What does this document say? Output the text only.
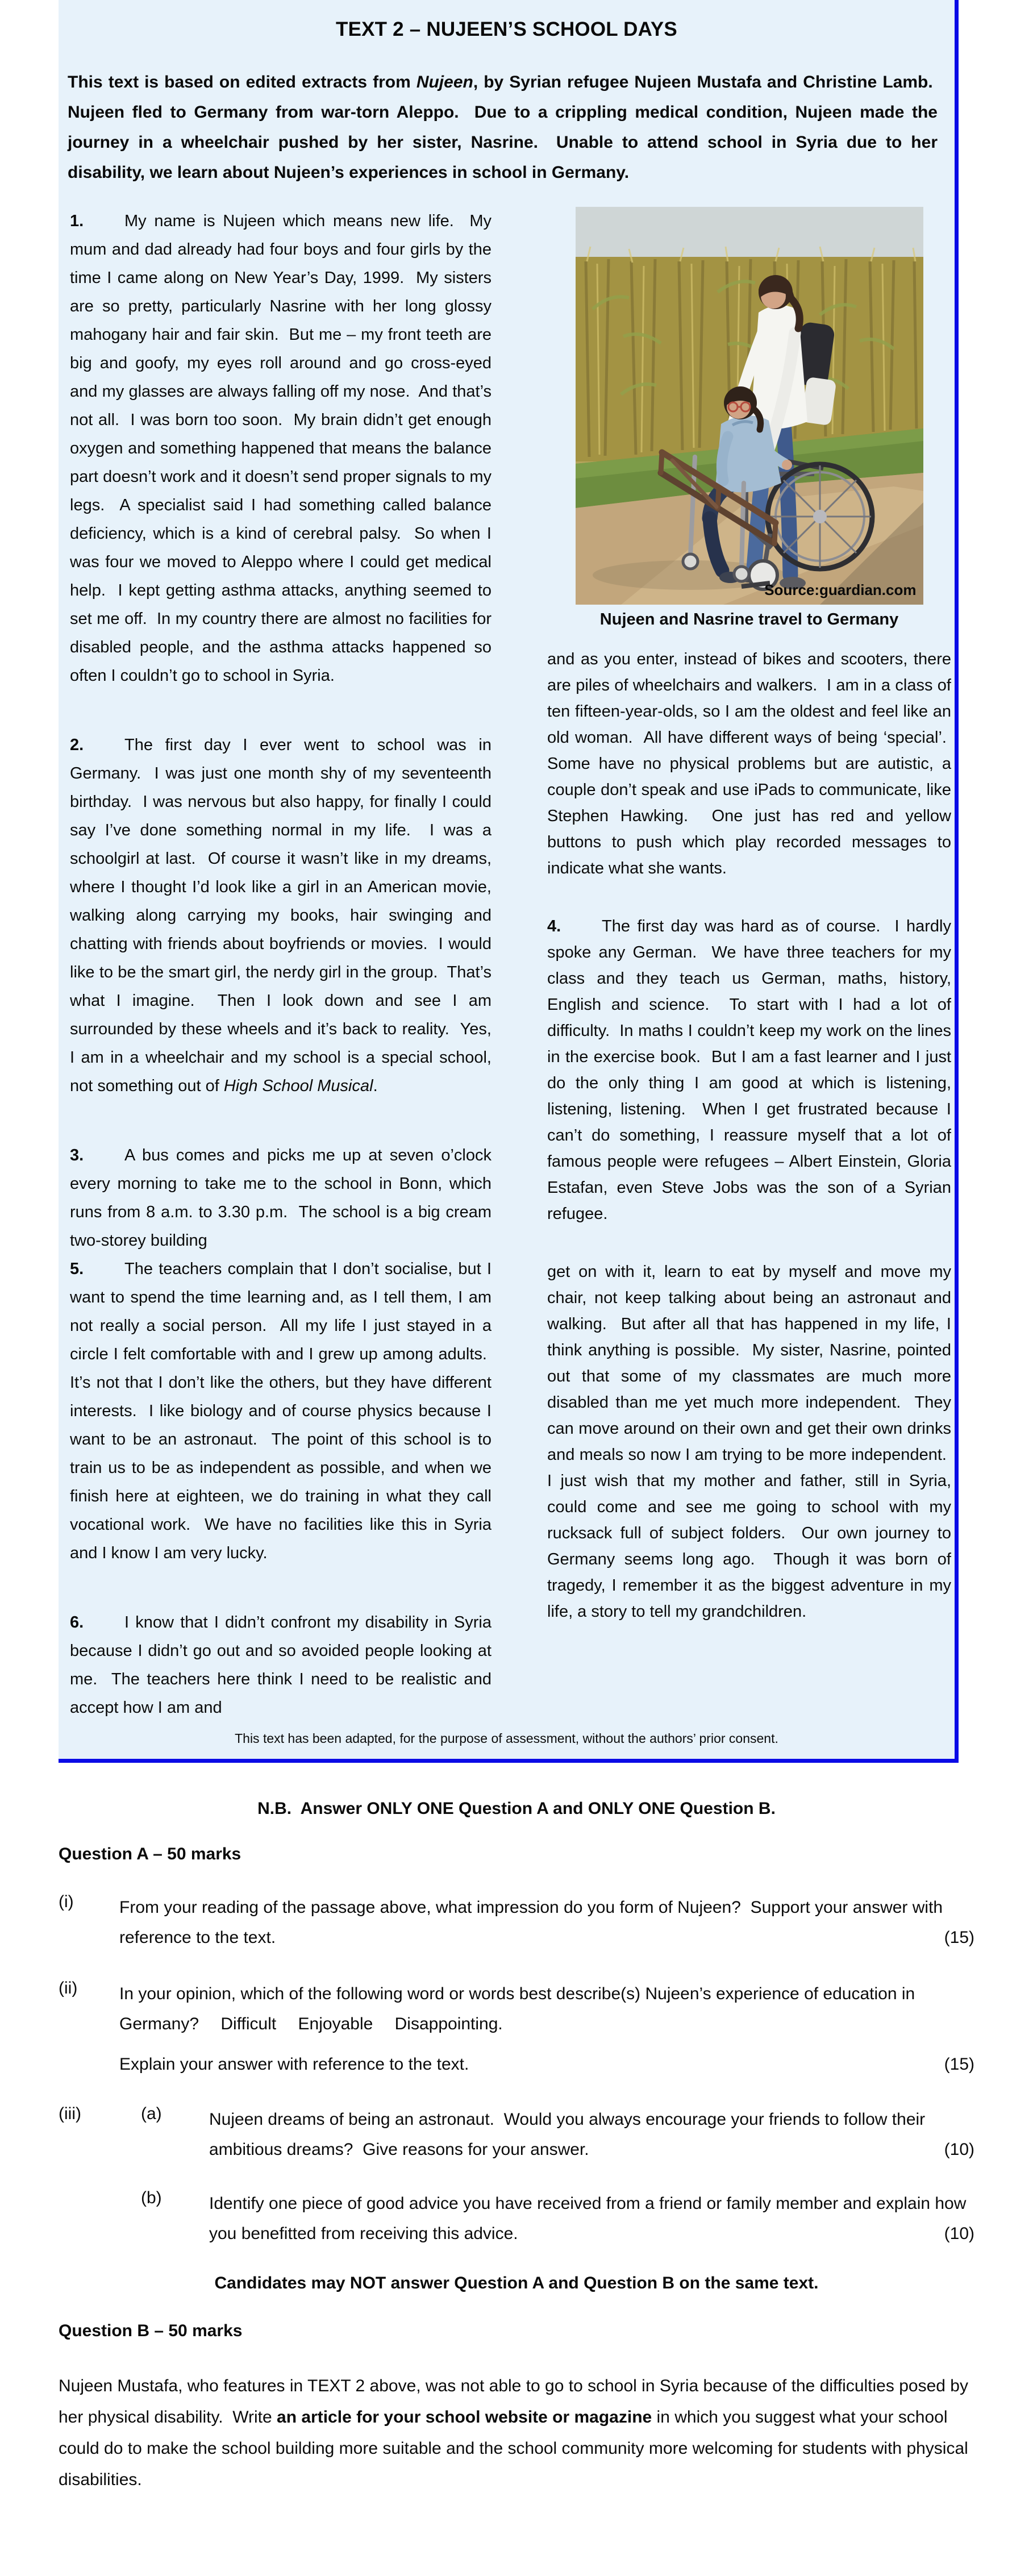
TEXT 2 – NUJEEN’S SCHOOL DAYS

This text is based on edited extracts from Nujeen, by Syrian refugee Nujeen Mustafa and Christine Lamb.  Nujeen fled to Germany from war-torn Aleppo.  Due to a crippling medical condition, Nujeen made the journey in a wheelchair pushed by her sister, Nasrine.  Unable to attend school in Syria due to her disability, we learn about Nujeen’s experiences in school in Germany.

1. My name is Nujeen which means new life.  My mum and dad already had four boys and four girls by the time I came along on New Year’s Day, 1999.  My sisters are so pretty, particularly Nasrine with her long glossy mahogany hair and fair skin.  But me – my front teeth are big and goofy, my eyes roll around and go cross-eyed and my glasses are always falling off my nose.  And that’s not all.  I was born too soon.  My brain didn’t get enough oxygen and something happened that means the balance part doesn’t work and it doesn’t send proper signals to my legs.  A specialist said I had something called balance deficiency, which is a kind of cerebral palsy.  So when I was four we moved to Aleppo where I could get medical help.  I kept getting asthma attacks, anything seemed to set me off.  In my country there are almost no facilities for disabled people, and the asthma attacks happened so often I couldn’t go to school in Syria.

2. The first day I ever went to school was in Germany.  I was just one month shy of my seventeenth birthday.  I was nervous but also happy, for finally I could say I’ve done something normal in my life.  I was a schoolgirl at last.  Of course it wasn’t like in my dreams, where I thought I’d look like a girl in an American movie, walking along carrying my books, hair swinging and chatting with friends about boyfriends or movies.  I would like to be the smart girl, the nerdy girl in the group.  That’s what I imagine.  Then I look down and see I am surrounded by these wheels and it’s back to reality.  Yes, I am in a wheelchair and my school is a special school, not something out of High School Musical.

3. A bus comes and picks me up at seven o’clock every morning to take me to the school in Bonn, which runs from 8 a.m. to 3.30 p.m.  The school is a big cream two-storey building

5. The teachers complain that I don’t socialise, but I want to spend the time learning and, as I tell them, I am not really a social person.  All my life I just stayed in a circle I felt comfortable with and I grew up among adults.  It’s not that I don’t like the others, but they have different interests.  I like biology and of course physics because I want to be an astronaut.  The point of this school is to train us to be as independent as possible, and when we finish here at eighteen, we do training in what they call vocational work.  We have no facilities like this in Syria and I know I am very lucky.

6. I know that I didn’t confront my disability in Syria because I didn’t go out and so avoided people looking at me.  The teachers here think I need to be realistic and accept how I am and

Source:guardian.com
Nujeen and Nasrine travel to Germany

and as you enter, instead of bikes and scooters, there are piles of wheelchairs and walkers.  I am in a class of ten fifteen-year-olds, so I am the oldest and feel like an old woman.  All have different ways of being ‘special’.  Some have no physical problems but are autistic, a couple don’t speak and use iPads to communicate, like Stephen Hawking.  One just has red and yellow buttons to push which play recorded messages to indicate what she wants.

4. The first day was hard as of course.  I hardly spoke any German.  We have three teachers for my class and they teach us German, maths, history, English and science.  To start with I had a lot of difficulty.  In maths I couldn’t keep my work on the lines in the exercise book.  But I am a fast learner and I just do the only thing I am good at which is listening, listening, listening.  When I get frustrated because I can’t do something, I reassure myself that a lot of famous people were refugees – Albert Einstein, Gloria Estafan, even Steve Jobs was the son of a Syrian refugee.

get on with it, learn to eat by myself and move my chair, not keep talking about being an astronaut and walking.  But after all that has happened in my life, I think anything is possible.  My sister, Nasrine, pointed out that some of my classmates are much more disabled than me yet much more independent.  They can move around on their own and get their own drinks and meals so now I am trying to be more independent.  I just wish that my mother and father, still in Syria, could come and see me going to school with my rucksack full of subject folders.  Our own journey to Germany seems long ago.  Though it was born of tragedy, I remember it as the biggest adventure in my life, a story to tell my grandchildren.

This text has been adapted, for the purpose of assessment, without the authors’ prior consent.

N.B.  Answer ONLY ONE Question A and ONLY ONE Question B.

Question A – 50 marks
(i)	From your reading of the passage above, what impression do you form of Nujeen?  Support your answer with reference to the text.	(15)
(ii)	In your opinion, which of the following word or words best describe(s) Nujeen’s experience of education in Germany?  Difficult  Enjoyable  Disappointing.
Explain your answer with reference to the text.	(15)
(iii)	(a)	Nujeen dreams of being an astronaut.  Would you always encourage your friends to follow their ambitious dreams?  Give reasons for your answer.	(10)
(b)	Identify one piece of good advice you have received from a friend or family member and explain how you benefitted from receiving this advice.	(10)

Candidates may NOT answer Question A and Question B on the same text.

Question B – 50 marks

Nujeen Mustafa, who features in TEXT 2 above, was not able to go to school in Syria because of the difficulties posed by her physical disability.  Write an article for your school website or magazine in which you suggest what your school could do to make the school building more suitable and the school community more welcoming for students with physical disabilities.
